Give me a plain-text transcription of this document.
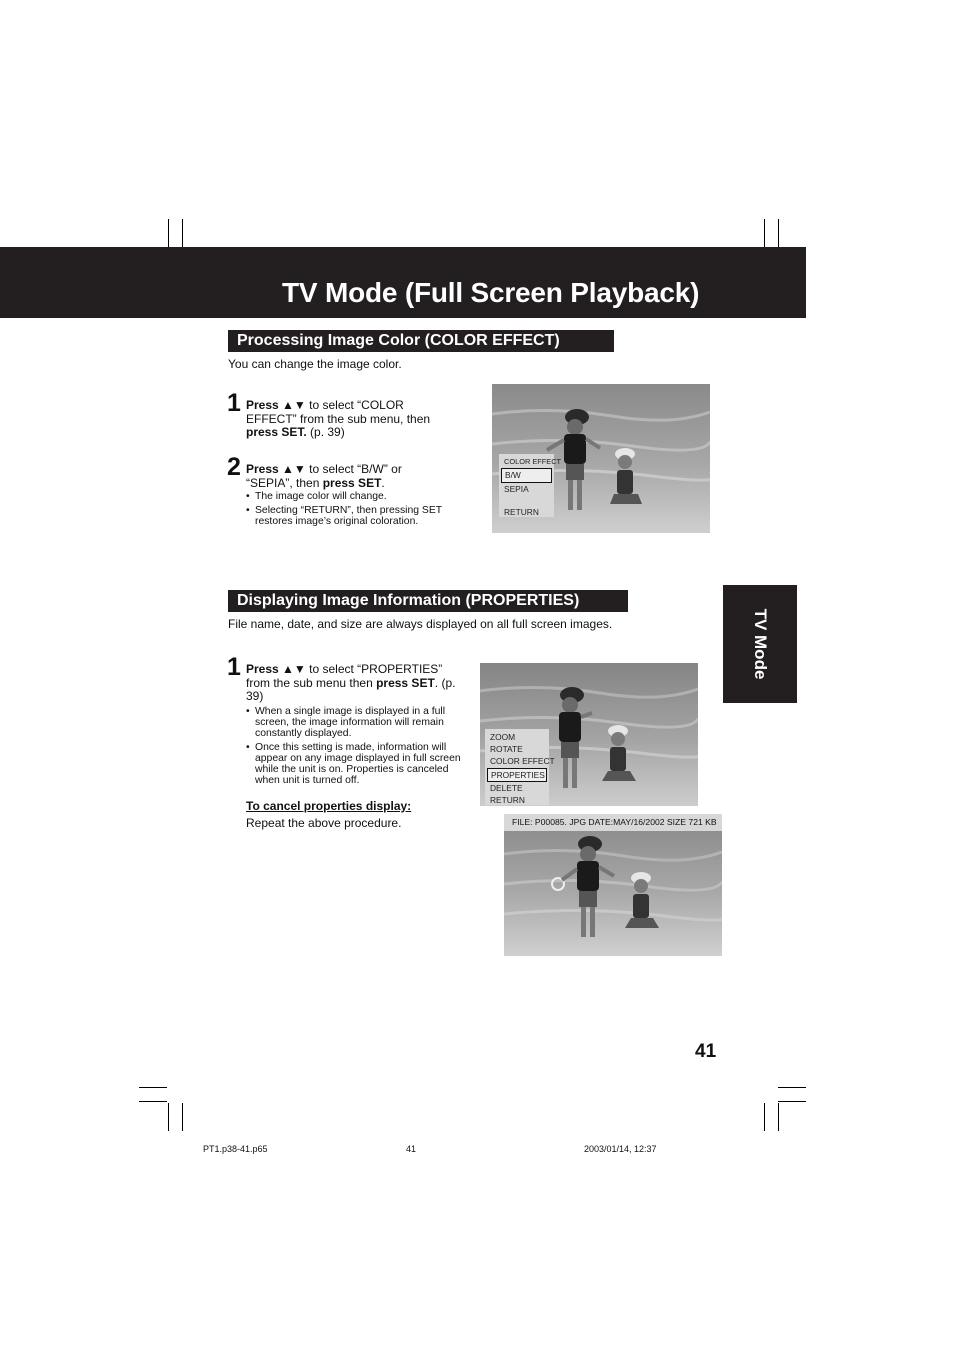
TV Mode (Full Screen Playback)
Processing Image Color (COLOR EFFECT)
You can change the image color.
1 Press ▲▼ to select “COLOR EFFECT” from the sub menu, then press SET. (p. 39)
2 Press ▲▼ to select “B/W” or “SEPIA”, then press SET.
• The image color will change.
• Selecting “RETURN”, then pressing SET restores image’s original coloration.
COLOR EFFECT
B/W
SEPIA
RETURN
Displaying Image Information (PROPERTIES)
File name, date, and size are always displayed on all full screen images.
1 Press ▲▼ to select “PROPERTIES” from the sub menu then press SET. (p. 39)
• When a single image is displayed in a full screen, the image information will remain constantly displayed.
• Once this setting is made, information will appear on any image displayed in full screen while the unit is on. Properties is canceled when unit is turned off.
To cancel properties display:
Repeat the above procedure.
ZOOM
ROTATE
COLOR EFFECT
PROPERTIES
DELETE
RETURN
FILE: P00085. JPG DATE:MAY/16/2002 SIZE 721 KB
TV Mode
41
PT1.p38-41.p65	41	2003/01/14, 12:37
